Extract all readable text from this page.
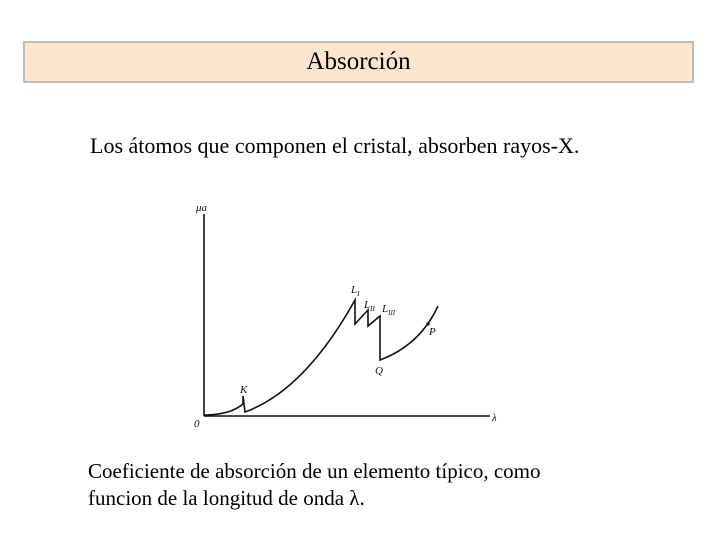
Absorción
Los átomos que componen el cristal, absorben rayos-X.
μa
λ
0
K
$L_I$
$L_{II}$ $L_{III}$
Q
P
Coeficiente de absorción de un elemento típico, como
funcion de la longitud de onda λ.
